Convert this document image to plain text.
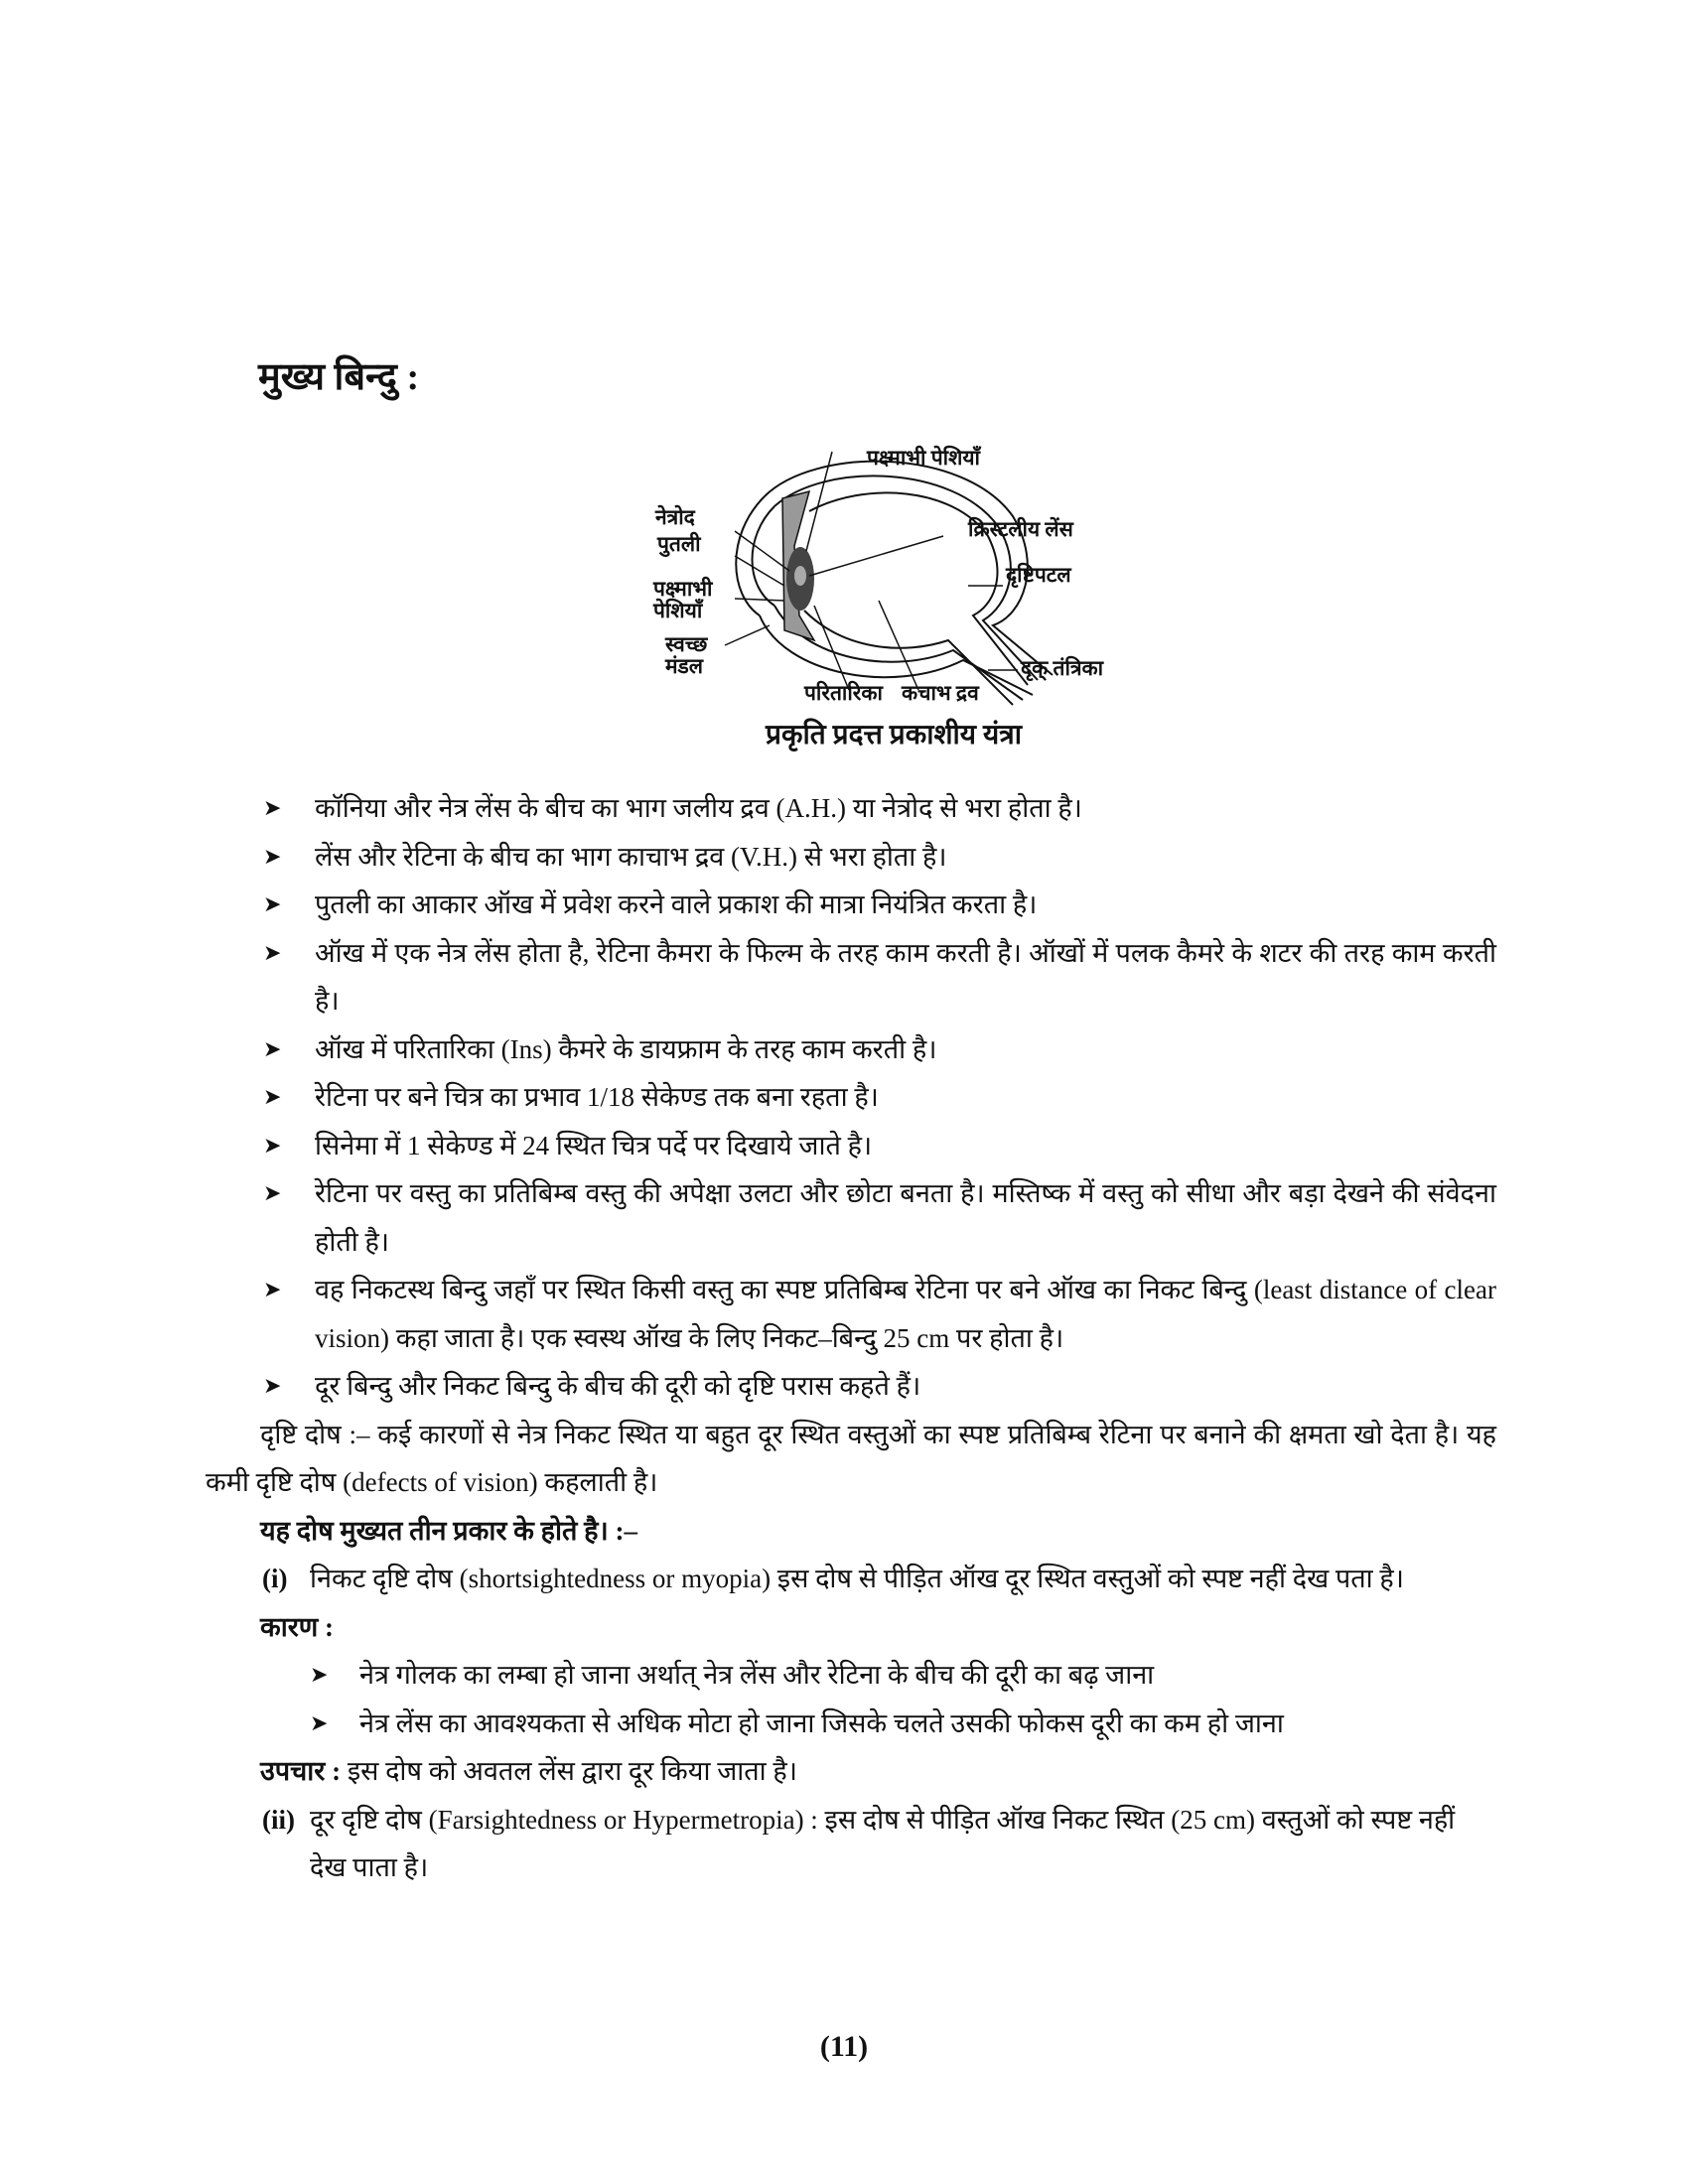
मुख्य बिन्दु :
पक्ष्माभी पेशियाँ
नेत्रोद
पुतली
पक्ष्माभी
पेशियाँ
स्वच्छ
मंडल
परितारिका कचाभ द्रव
क्रिस्टलीय लेंस
दृष्टिपटल
दृक् तंत्रिका
प्रकृति प्रदत्त प्रकाशीय यंत्रा
➤ कॉनिया और नेत्र लेंस के बीच का भाग जलीय द्रव (A.H.) या नेत्रोद से भरा होता है।
➤ लेंस और रेटिना के बीच का भाग काचाभ द्रव (V.H.) से भरा होता है।
➤ पुतली का आकार ऑख में प्रवेश करने वाले प्रकाश की मात्रा नियंत्रित करता है।
➤ ऑख में एक नेत्र लेंस होता है, रेटिना कैमरा के फिल्म के तरह काम करती है। ऑखों में पलक कैमरे के शटर की तरह काम करती है।
➤ ऑख में परितारिका (Ins) कैमरे के डायफ्राम के तरह काम करती है।
➤ रेटिना पर बने चित्र का प्रभाव 1/18 सेकेण्ड तक बना रहता है।
➤ सिनेमा में 1 सेकेण्ड में 24 स्थित चित्र पर्दे पर दिखाये जाते है।
➤ रेटिना पर वस्तु का प्रतिबिम्ब वस्तु की अपेक्षा उलटा और छोटा बनता है। मस्तिष्क में वस्तु को सीधा और बड़ा देखने की संवेदना होती है।
➤ वह निकटस्थ बिन्दु जहाँ पर स्थित किसी वस्तु का स्पष्ट प्रतिबिम्ब रेटिना पर बने ऑख का निकट बिन्दु (least distance of clear vision) कहा जाता है। एक स्वस्थ ऑख के लिए निकट–बिन्दु 25 cm पर होता है।
➤ दूर बिन्दु और निकट बिन्दु के बीच की दूरी को दृष्टि परास कहते हैं।
दृष्टि दोष :– कई कारणों से नेत्र निकट स्थित या बहुत दूर स्थित वस्तुओं का स्पष्ट प्रतिबिम्ब रेटिना पर बनाने की क्षमता खो देता है। यह कमी दृष्टि दोष (defects of vision) कहलाती है।
यह दोष मुख्यत तीन प्रकार के होते है। :–
(i) निकट दृष्टि दोष (shortsightedness or myopia) इस दोष से पीड़ित ऑख दूर स्थित वस्तुओं को स्पष्ट नहीं देख पता है।
कारण :
➤ नेत्र गोलक का लम्बा हो जाना अर्थात् नेत्र लेंस और रेटिना के बीच की दूरी का बढ़ जाना
➤ नेत्र लेंस का आवश्यकता से अधिक मोटा हो जाना जिसके चलते उसकी फोकस दूरी का कम हो जाना
उपचार : इस दोष को अवतल लेंस द्वारा दूर किया जाता है।
(ii) दूर दृष्टि दोष (Farsightedness or Hypermetropia) : इस दोष से पीड़ित ऑख निकट स्थित (25 cm) वस्तुओं को स्पष्ट नहीं देख पाता है।
(11)
